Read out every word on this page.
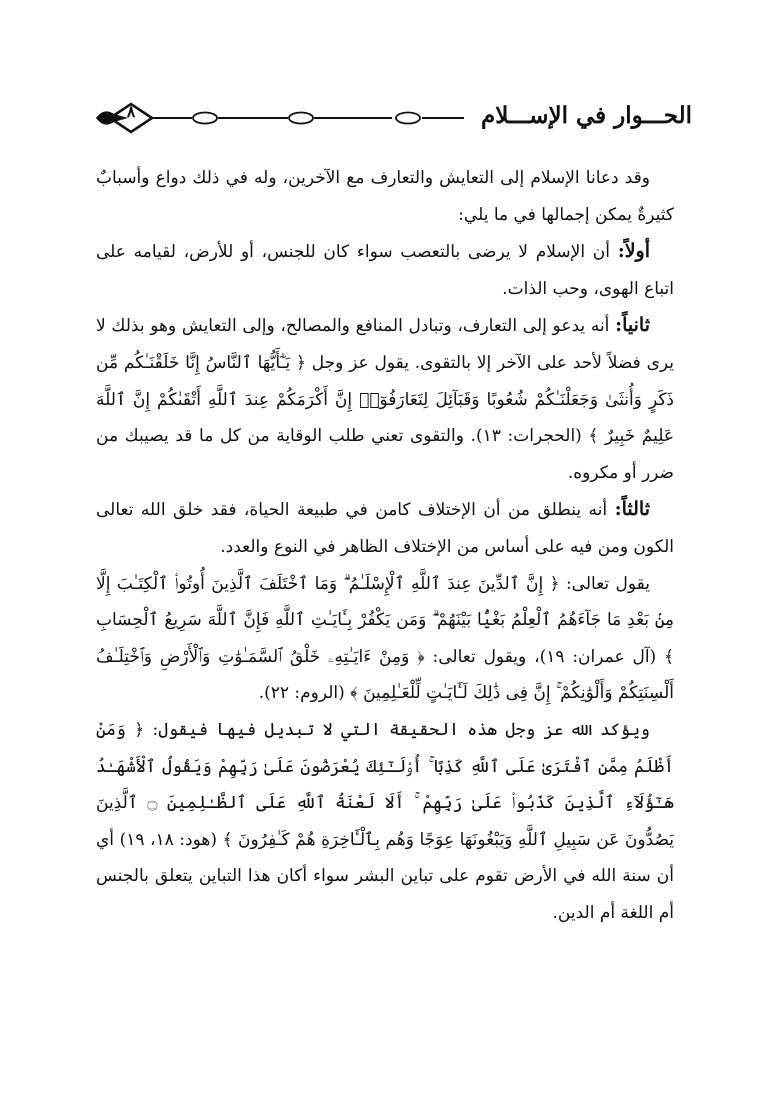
٨	الحـــوار في الإســـلام

وقد دعانا الإسلام إلى التعايش والتعارف مع الآخرين، وله في ذلك دواع وأسبابٌ كثيرةٌ يمكن إجمالها في ما يلي:

أولاً: أن الإسلام لا يرضى بالتعصب سواء كان للجنس، أو للأرض، لقيامه على اتباع الهوى، وحب الذات.

ثانياً: أنه يدعو إلى التعارف، وتبادل المنافع والمصالح، وإلى التعايش وهو بذلك لا يرى فضلاً لأحد على الآخر إلا بالتقوى. يقول عز وجل ﴿ يَـٰٓأَيُّهَا ٱلنَّاسُ إِنَّا خَلَقْنَـٰكُم مِّن ذَكَرٍ وَأُنثَىٰ وَجَعَلْنَـٰكُمْ شُعُوبًا وَقَبَآئِلَ لِتَعَارَفُوٓا۟ إِنَّ أَكْرَمَكُمْ عِندَ ٱللَّهِ أَتْقَىٰكُمْ إِنَّ ٱللَّهَ عَلِيمٌ خَبِيرٌ ﴾ (الحجرات: ١٣). والتقوى تعني طلب الوقاية من كل ما قد يصيبك من ضرر أو مكروه.

ثالثاً: أنه ينطلق من أن الإختلاف كامن في طبيعة الحياة، فقد خلق الله تعالى الكون ومن فيه على أساس من الإختلاف الظاهر في النوع والعدد.

يقول تعالى: ﴿ إِنَّ ٱلدِّينَ عِندَ ٱللَّهِ ٱلْإِسْلَـٰمُ ۗ وَمَا ٱخْتَلَفَ ٱلَّذِينَ أُوتُوا۟ ٱلْكِتَـٰبَ إِلَّا مِنۢ بَعْدِ مَا جَآءَهُمُ ٱلْعِلْمُ بَغْيًۢا بَيْنَهُمْ ۗ وَمَن يَكْفُرْ بِـَٔايَـٰتِ ٱللَّهِ فَإِنَّ ٱللَّهَ سَرِيعُ ٱلْحِسَابِ ﴾ (آل عمران: ١٩)، ويقول تعالى: ﴿ وَمِنْ ءَايَـٰتِهِۦ خَلْقُ ٱلسَّمَـٰوَٰتِ وَٱلْأَرْضِ وَٱخْتِلَـٰفُ أَلْسِنَتِكُمْ وَأَلْوَٰنِكُمْ ۚ إِنَّ فِى ذَٰلِكَ لَـَٔايَـٰتٍ لِّلْعَـٰلِمِينَ ﴾ (الروم: ٢٢).

ويؤكد الله عز وجل هذه الحقيقة التي لا تبديل فيها فيقول: ﴿ وَمَنْ أَظْلَمُ مِمَّنِ ٱفْتَرَىٰ عَلَى ٱللَّهِ كَذِبًا ۚ أُو۟لَـٰٓئِكَ يُعْرَضُونَ عَلَىٰ رَبِّهِمْ وَيَقُولُ ٱلْأَشْهَـٰدُ هَـٰٓؤُلَآءِ ٱلَّذِينَ كَذَبُوا۟ عَلَىٰ رَبِّهِمْ ۚ أَلَا لَعْنَةُ ٱللَّهِ عَلَى ٱلظَّـٰلِمِينَ ۝ ٱلَّذِينَ يَصُدُّونَ عَن سَبِيلِ ٱللَّهِ وَيَبْغُونَهَا عِوَجًا وَهُم بِٱلْـَٔاخِرَةِ هُمْ كَـٰفِرُونَ ﴾ (هود: ١٨، ١٩) أي أن سنة الله في الأرض تقوم على تباين البشر سواء أكان هذا التباين يتعلق بالجنس أم اللغة أم الدين.
